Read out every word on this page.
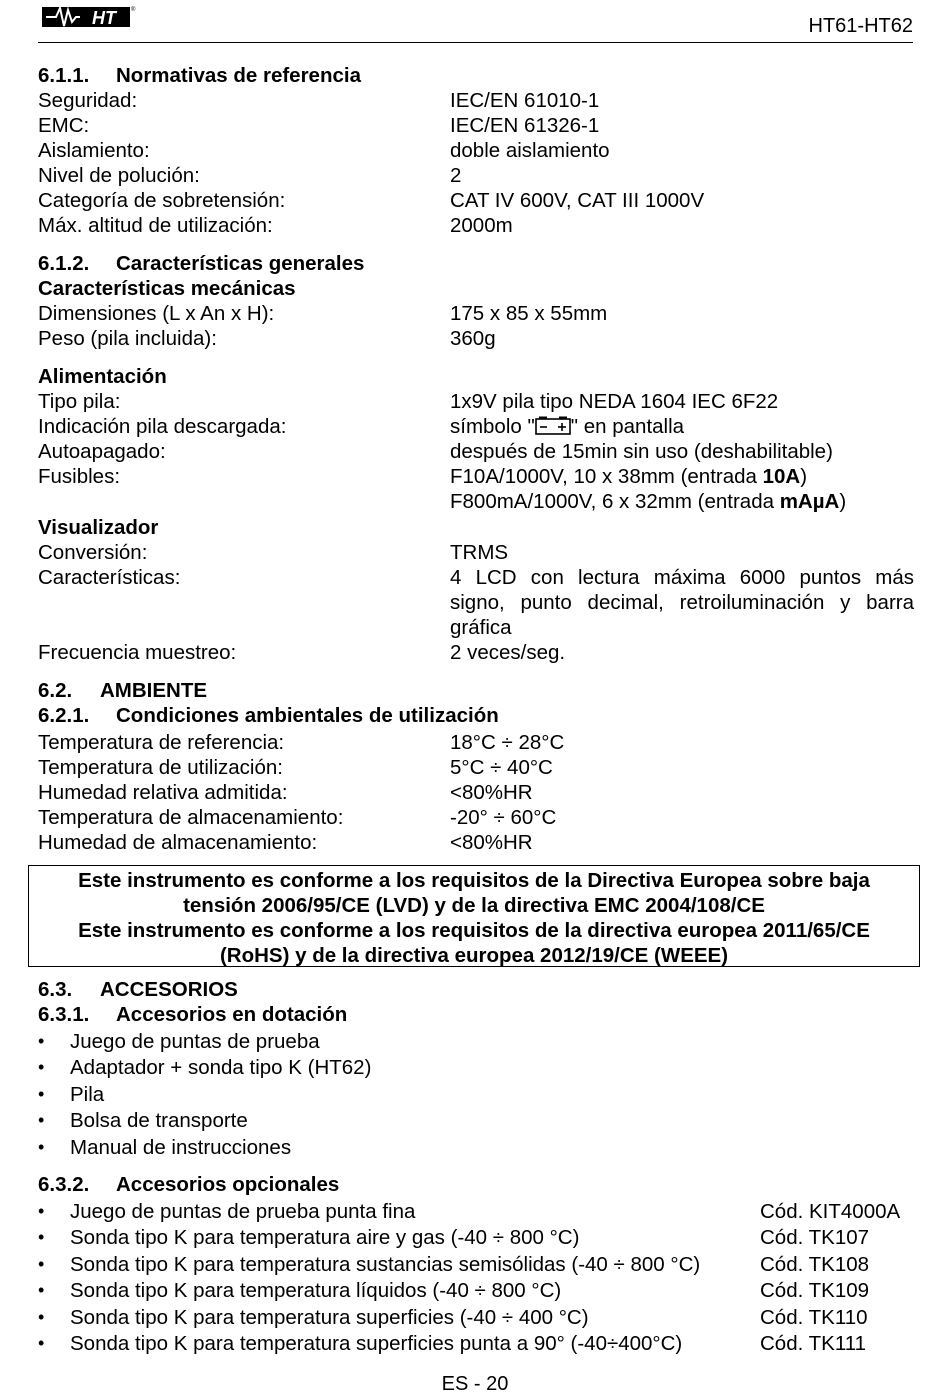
HT	®
HT61-HT62
6.1.1. Normativas de referencia
Seguridad:	IEC/EN 61010-1
EMC:	IEC/EN 61326-1
Aislamiento:	doble aislamiento
Nivel de polución:	2
Categoría de sobretensión:	CAT IV 600V, CAT III 1000V
Máx. altitud de utilización:	2000m
6.1.2. Características generales
Características mecánicas
Dimensiones (L x An x H):	175 x 85 x 55mm
Peso (pila incluida):	360g
Alimentación
Tipo pila:	1x9V pila tipo NEDA 1604 IEC 6F22
Indicación pila descargada:	símbolo " " en pantalla
Autoapagado:	después de 15min sin uso (deshabilitable)
Fusibles:	F10A/1000V, 10 x 38mm (entrada 10A)
F800mA/1000V, 6 x 32mm (entrada mAµA)
Visualizador
Conversión:	TRMS
Características:	4 LCD con lectura máxima 6000 puntos más signo, punto decimal, retroiluminación y barra gráfica
Frecuencia muestreo:	2 veces/seg.
6.2. AMBIENTE
6.2.1. Condiciones ambientales de utilización
Temperatura de referencia:	18°C ÷ 28°C
Temperatura de utilización:	5°C ÷ 40°C
Humedad relativa admitida:	<80%HR
Temperatura de almacenamiento:	-20° ÷ 60°C
Humedad de almacenamiento:	<80%HR
Este instrumento es conforme a los requisitos de la Directiva Europea sobre baja
tensión 2006/95/CE (LVD) y de la directiva EMC 2004/108/CE
Este instrumento es conforme a los requisitos de la directiva europea 2011/65/CE
(RoHS) y de la directiva europea 2012/19/CE (WEEE)
6.3. ACCESORIOS
6.3.1. Accesorios en dotación
•	Juego de puntas de prueba
•	Adaptador + sonda tipo K (HT62)
•	Pila
•	Bolsa de transporte
•	Manual de instrucciones
6.3.2. Accesorios opcionales
•	Juego de puntas de prueba punta fina	Cód. KIT4000A
•	Sonda tipo K para temperatura aire y gas (-40 ÷ 800 °C)	Cód. TK107
•	Sonda tipo K para temperatura sustancias semisólidas (-40 ÷ 800 °C)	Cód. TK108
•	Sonda tipo K para temperatura líquidos (-40 ÷ 800 °C)	Cód. TK109
•	Sonda tipo K para temperatura superficies (-40 ÷ 400 °C)	Cód. TK110
•	Sonda tipo K para temperatura superficies punta a 90° (-40÷400°C)	Cód. TK111
ES - 20
